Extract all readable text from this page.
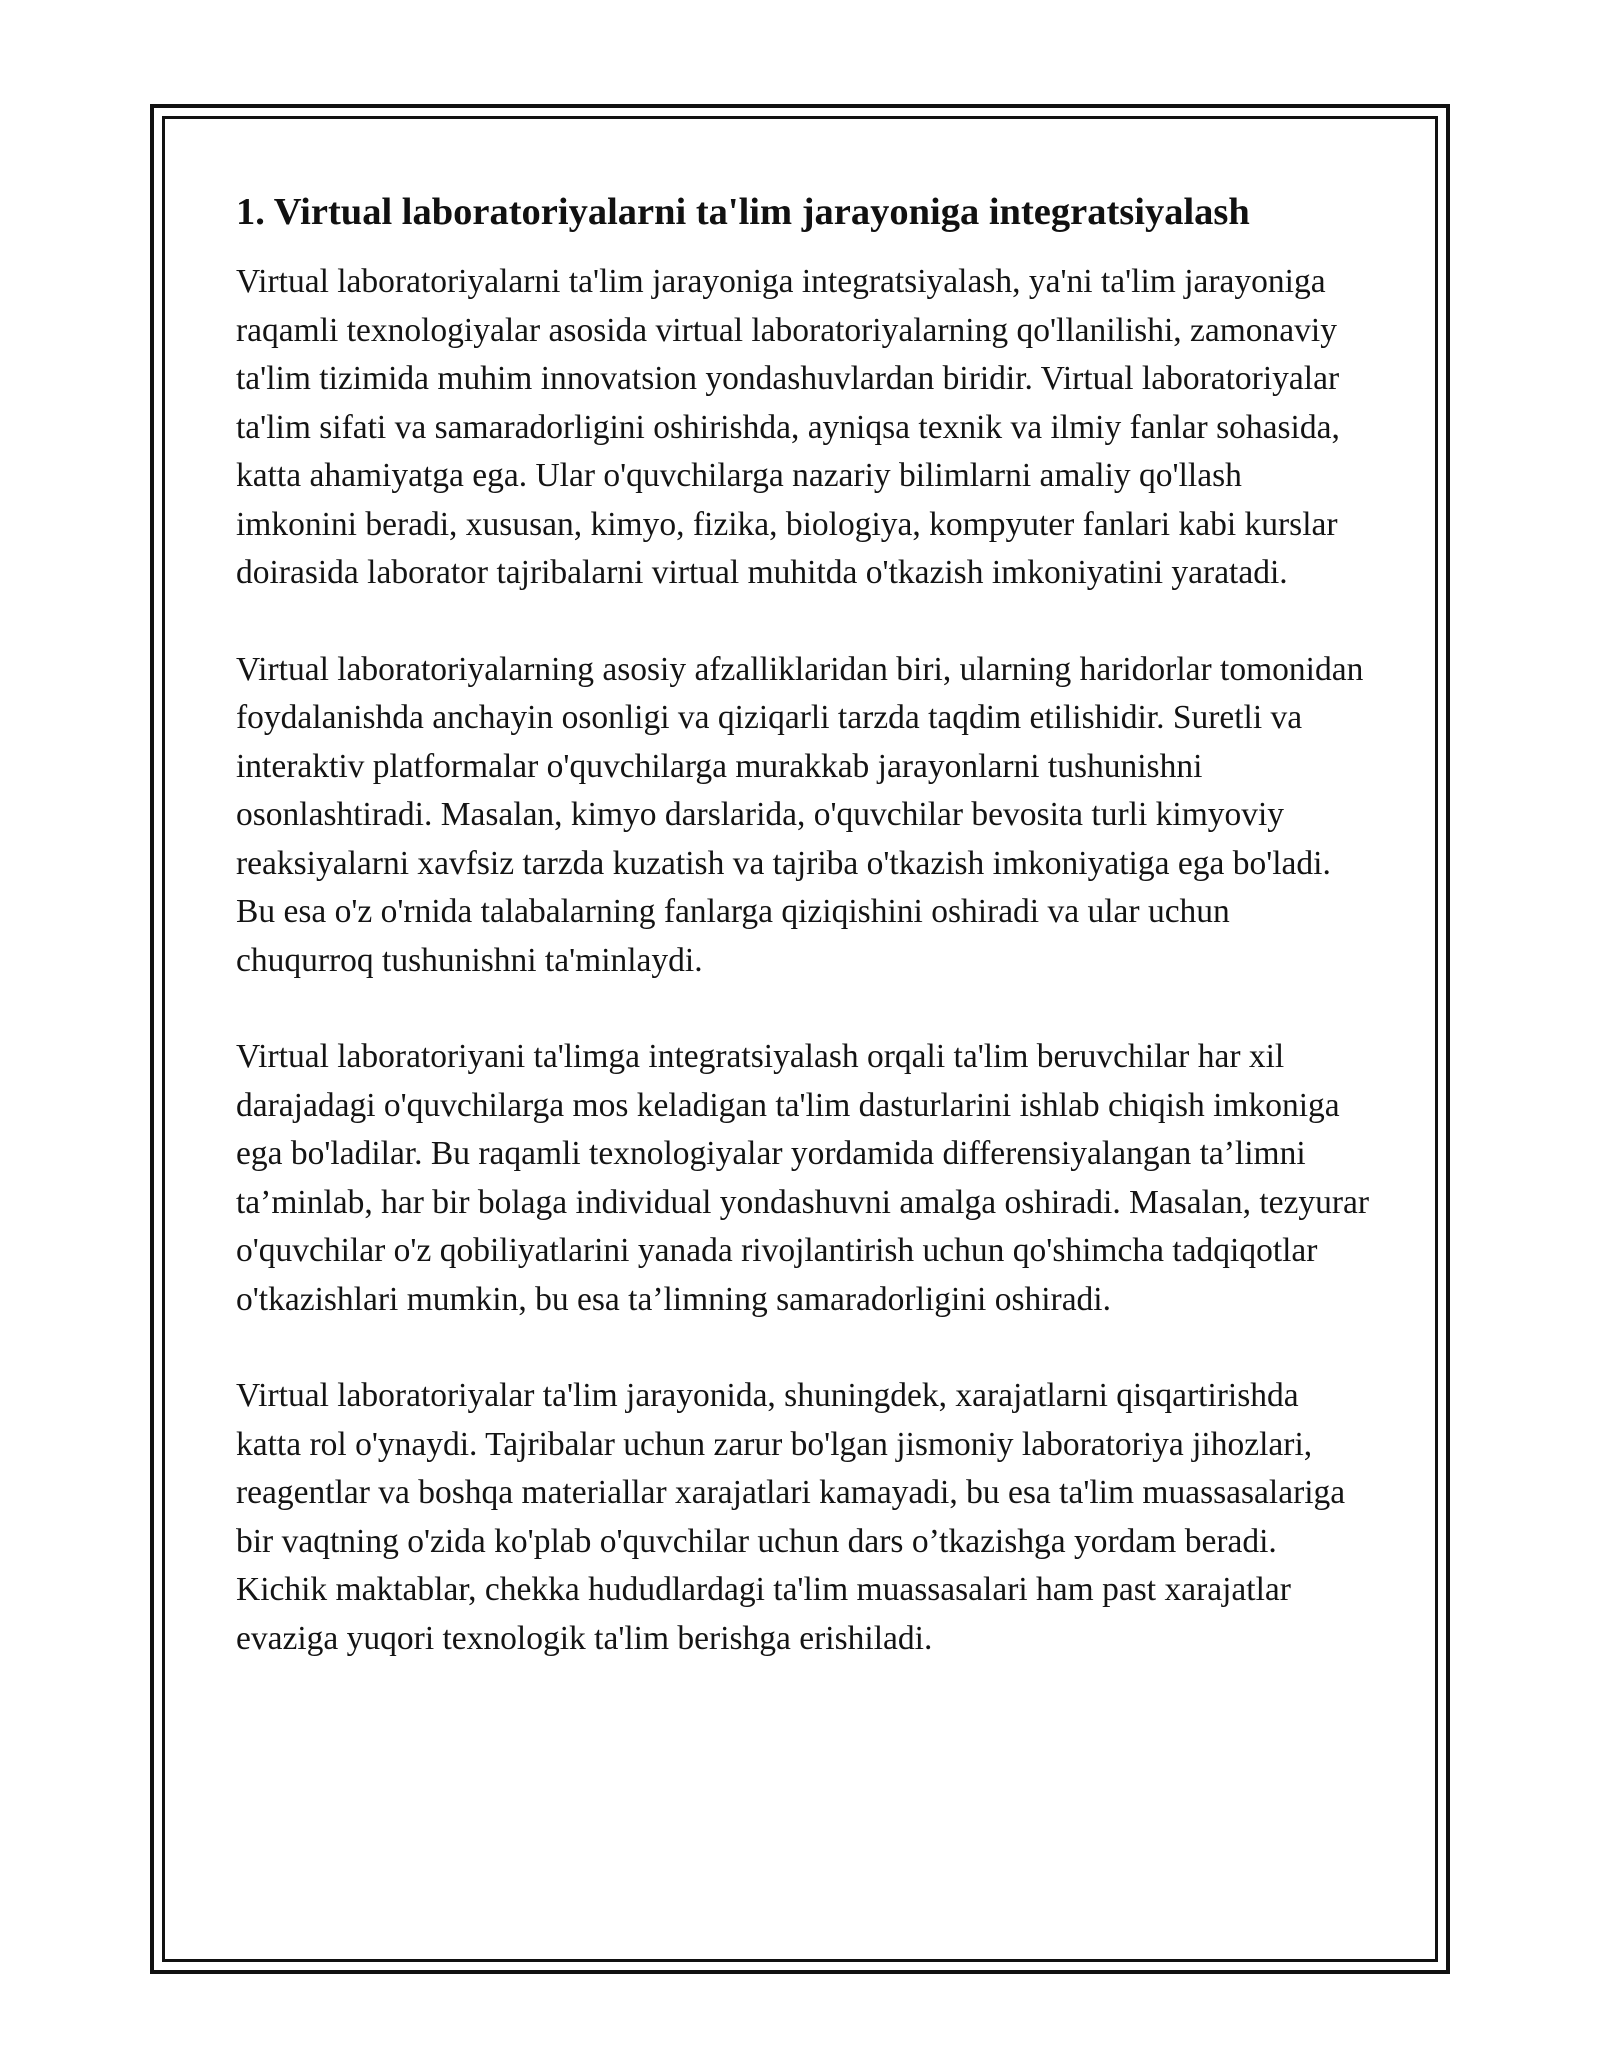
1. Virtual laboratoriyalarni ta'lim jarayoniga integratsiyalash

Virtual laboratoriyalarni ta'lim jarayoniga integratsiyalash, ya'ni ta'lim jarayoniga raqamli texnologiyalar asosida virtual laboratoriyalarning qo'llanilishi, zamonaviy ta'lim tizimida muhim innovatsion yondashuvlardan biridir. Virtual laboratoriyalar ta'lim sifati va samaradorligini oshirishda, ayniqsa texnik va ilmiy fanlar sohasida, katta ahamiyatga ega. Ular o'quvchilarga nazariy bilimlarni amaliy qo'llash imkonini beradi, xususan, kimyo, fizika, biologiya, kompyuter fanlari kabi kurslar doirasida laborator tajribalarni virtual muhitda o'tkazish imkoniyatini yaratadi.

Virtual laboratoriyalarning asosiy afzalliklaridan biri, ularning haridorlar tomonidan foydalanishda anchayin osonligi va qiziqarli tarzda taqdim etilishidir. Suretli va interaktiv platformalar o'quvchilarga murakkab jarayonlarni tushunishni osonlashtiradi. Masalan, kimyo darslarida, o'quvchilar bevosita turli kimyoviy reaksiyalarni xavfsiz tarzda kuzatish va tajriba o'tkazish imkoniyatiga ega bo'ladi. Bu esa o'z o'rnida talabalarning fanlarga qiziqishini oshiradi va ular uchun chuqurroq tushunishni ta'minlaydi.

Virtual laboratoriyani ta'limga integratsiyalash orqali ta'lim beruvchilar har xil darajadagi o'quvchilarga mos keladigan ta'lim dasturlarini ishlab chiqish imkoniga ega bo'ladilar. Bu raqamli texnologiyalar yordamida differensiyalangan ta’limni ta’minlab, har bir bolaga individual yondashuvni amalga oshiradi. Masalan, tezyurar o'quvchilar o'z qobiliyatlarini yanada rivojlantirish uchun qo'shimcha tadqiqotlar o'tkazishlari mumkin, bu esa ta’limning samaradorligini oshiradi.

Virtual laboratoriyalar ta'lim jarayonida, shuningdek, xarajatlarni qisqartirishda katta rol o'ynaydi. Tajribalar uchun zarur bo'lgan jismoniy laboratoriya jihozlari, reagentlar va boshqa materiallar xarajatlari kamayadi, bu esa ta'lim muassasalariga bir vaqtning o'zida ko'plab o'quvchilar uchun dars o’tkazishga yordam beradi. Kichik maktablar, chekka hududlardagi ta'lim muassasalari ham past xarajatlar evaziga yuqori texnologik ta'lim berishga erishiladi.
